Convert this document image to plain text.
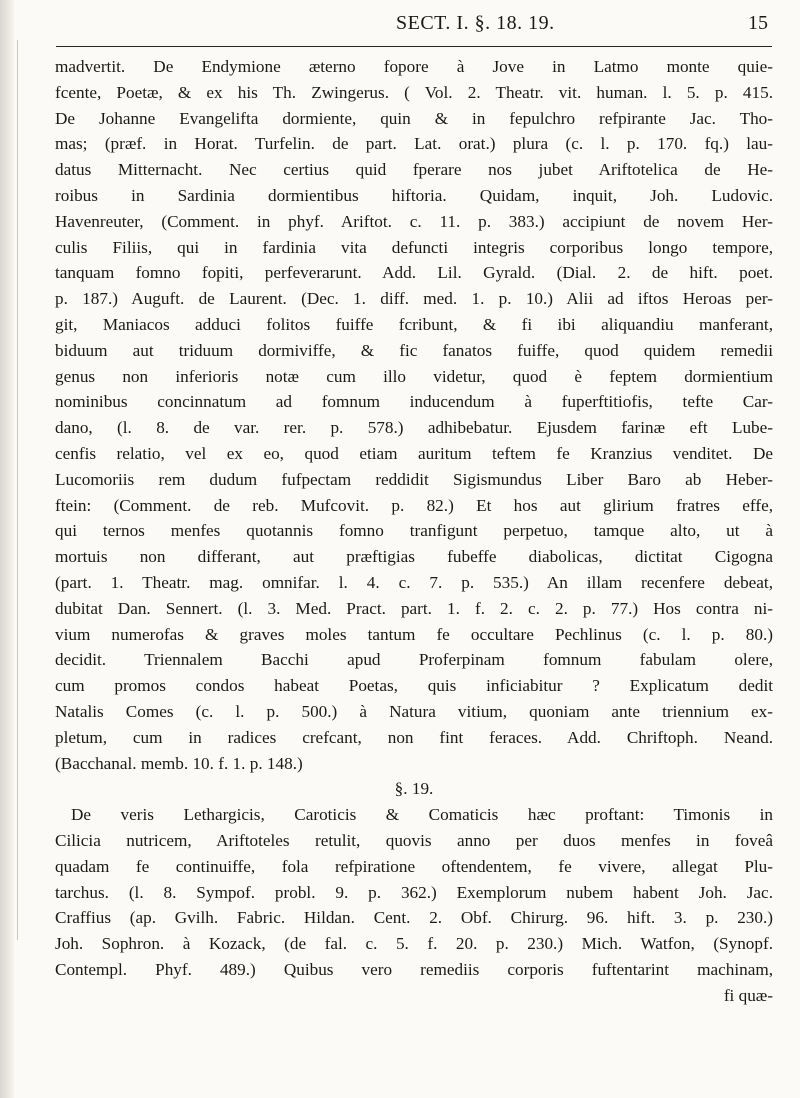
SECT. I. §. 18. 19.	15
madvertit. De Endymione æterno fopore à Jove in Latmo monte quie-
fcente, Poetæ, & ex his Th. Zwingerus. ( Vol. 2. Theatr. vit. human. l. 5. p. 415.
De Johanne Evangelifta dormiente, quin & in fepulchro refpirante Jac. Tho-
mas; (præf. in Horat. Turfelin. de part. Lat. orat.) plura (c. l. p. 170. fq.) lau-
datus Mitternacht. Nec certius quid fperare nos jubet Ariftotelica de He-
roibus in Sardinia dormientibus hiftoria. Quidam, inquit, Joh. Ludovic.
Havenreuter, (Comment. in phyf. Ariftot. c. 11. p. 383.) accipiunt de novem Her-
culis Filiis, qui in fardinia vita defuncti integris corporibus longo tempore,
tanquam fomno fopiti, perfeverarunt. Add. Lil. Gyrald. (Dial. 2. de hift. poet.
p. 187.) Auguft. de Laurent. (Dec. 1. diff. med. 1. p. 10.) Alii ad iftos Heroas per-
git, Maniacos adduci folitos fuiffe fcribunt, & fi ibi aliquandiu manferant,
biduum aut triduum dormiviffe, & fic fanatos fuiffe, quod quidem remedii
genus non inferioris notæ cum illo videtur, quod è feptem dormientium
nominibus concinnatum ad fomnum inducendum à fuperftitiofis, tefte Car-
dano, (l. 8. de var. rer. p. 578.) adhibebatur. Ejusdem farinæ eft Lube-
cenfis relatio, vel ex eo, quod etiam auritum teftem fe Kranzius venditet. De
Lucomoriis rem dudum fufpectam reddidit Sigismundus Liber Baro ab Heber-
ftein: (Comment. de reb. Mufcovit. p. 82.) Et hos aut glirium fratres effe,
qui ternos menfes quotannis fomno tranfigunt perpetuo, tamque alto, ut à
mortuis non differant, aut præftigias fubeffe diabolicas, dictitat Cigogna
(part. 1. Theatr. mag. omnifar. l. 4. c. 7. p. 535.) An illam recenfere debeat,
dubitat Dan. Sennert. (l. 3. Med. Pract. part. 1. f. 2. c. 2. p. 77.) Hos contra ni-
vium numerofas & graves moles tantum fe occultare Pechlinus (c. l. p. 80.)
decidit. Triennalem Bacchi apud Proferpinam fomnum fabulam olere,
cum promos condos habeat Poetas, quis inficiabitur ? Explicatum dedit
Natalis Comes (c. l. p. 500.) à Natura vitium, quoniam ante triennium ex-
pletum, cum in radices crefcant, non fint feraces. Add. Chriftoph. Neand.
(Bacchanal. memb. 10. f. 1. p. 148.)
§. 19.
De veris Lethargicis, Caroticis & Comaticis hæc proftant: Timonis in
Cilicia nutricem, Ariftoteles retulit, quovis anno per duos menfes in foveâ
quadam fe continuiffe, fola refpiratione oftendentem, fe vivere, allegat Plu-
tarchus. (l. 8. Sympof. probl. 9. p. 362.) Exemplorum nubem habent Joh. Jac.
Craffius (ap. Gvilh. Fabric. Hildan. Cent. 2. Obf. Chirurg. 96. hift. 3. p. 230.)
Joh. Sophron. à Kozack, (de fal. c. 5. f. 20. p. 230.) Mich. Watfon, (Synopf.
Contempl. Phyf. 489.) Quibus vero remediis corporis fuftentarint machinam,
fi quæ-
